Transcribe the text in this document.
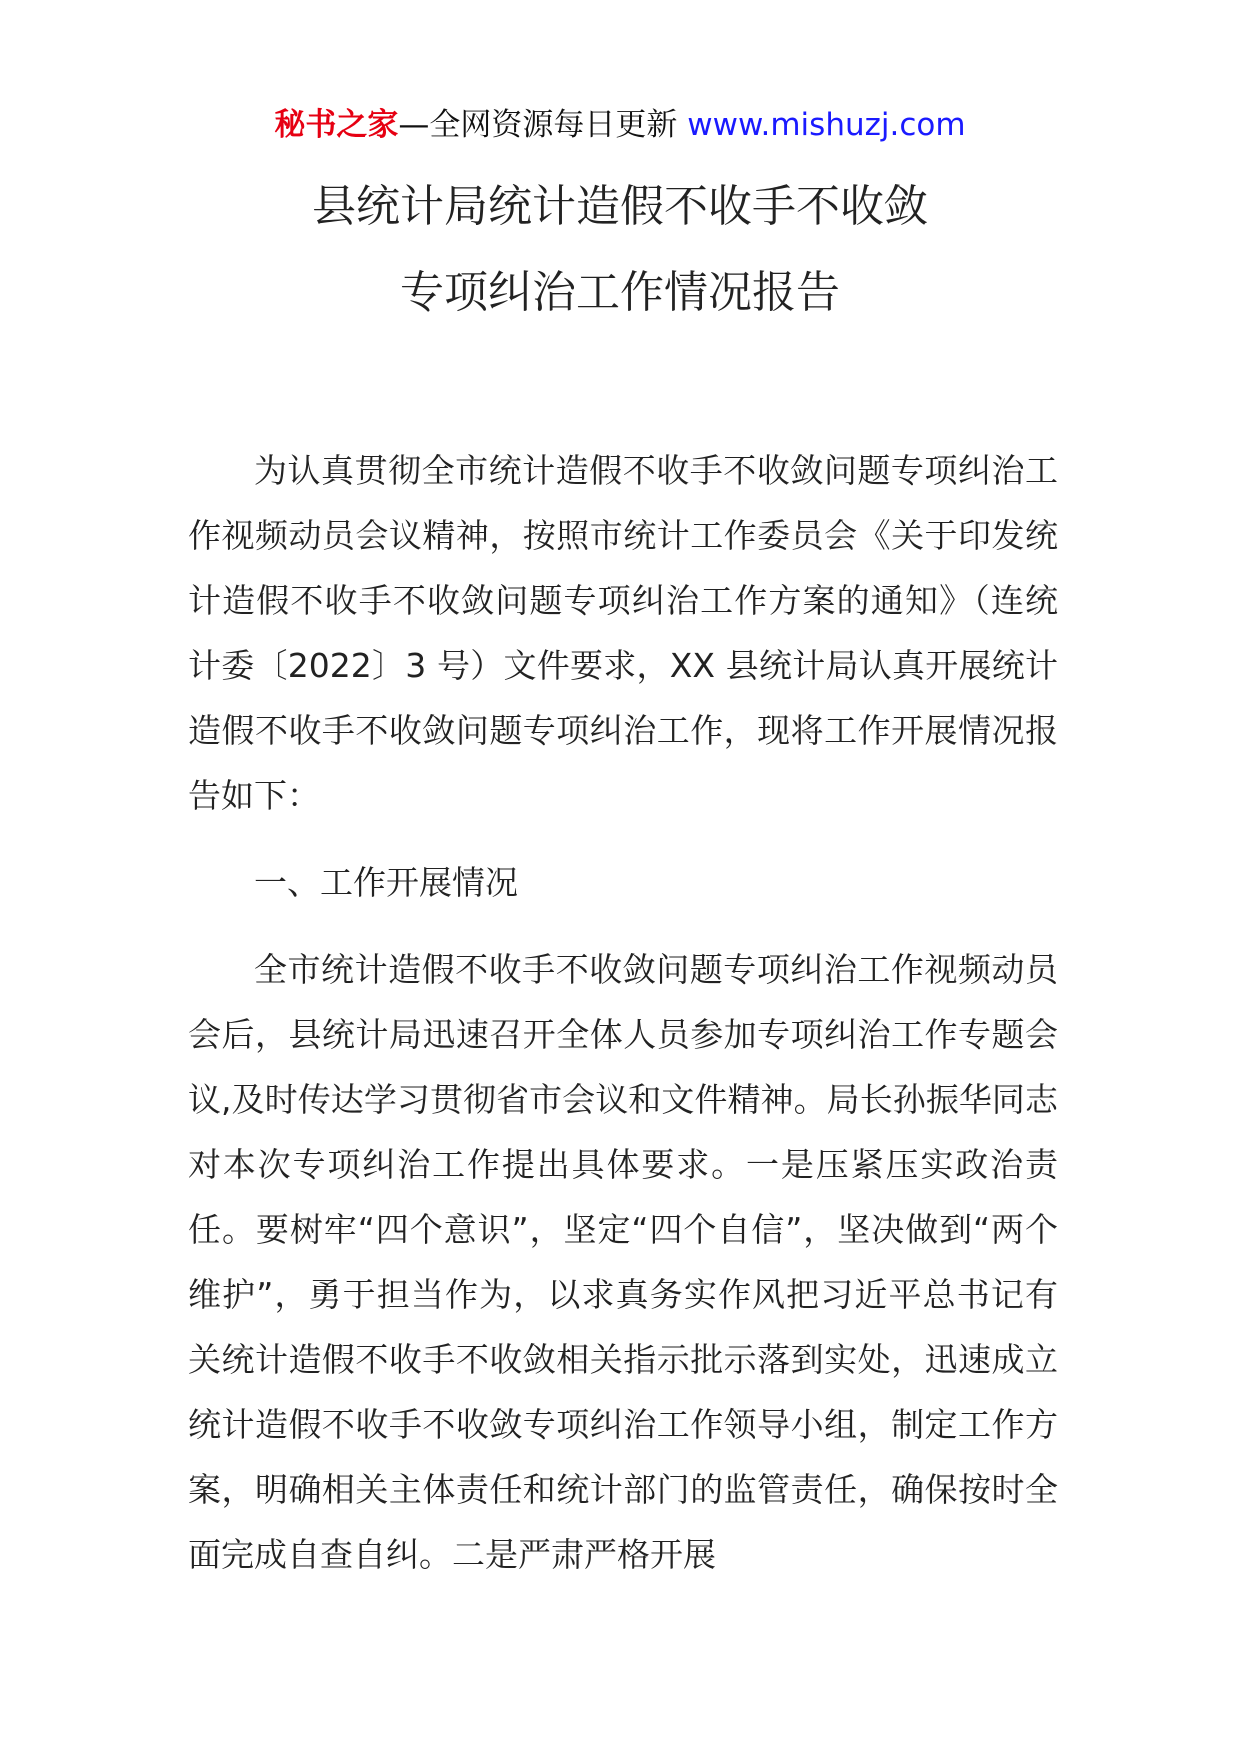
秘书之家—全网资源每日更新 www.mishuzj.com
县统计局统计造假不收手不收敛
专项纠治工作情况报告

为认真贯彻全市统计造假不收手不收敛问题专项纠治工作视频动员会议精神，按照市统计工作委员会《关于印发统计造假不收手不收敛问题专项纠治工作方案的通知》（连统计委〔2022〕3 号）文件要求，XX 县统计局认真开展统计造假不收手不收敛问题专项纠治工作，现将工作开展情况报告如下：

一、工作开展情况

全市统计造假不收手不收敛问题专项纠治工作视频动员会后，县统计局迅速召开全体人员参加专项纠治工作专题会议,及时传达学习贯彻省市会议和文件精神。局长孙振华同志对本次专项纠治工作提出具体要求。一是压紧压实政治责任。要树牢“四个意识”，坚定“四个自信”，坚决做到“两个维护”，勇于担当作为，以求真务实作风把习近平总书记有关统计造假不收手不收敛相关指示批示落到实处，迅速成立统计造假不收手不收敛专项纠治工作领导小组，制定工作方案，明确相关主体责任和统计部门的监管责任，确保按时全面完成自查自纠。二是严肃严格开展
